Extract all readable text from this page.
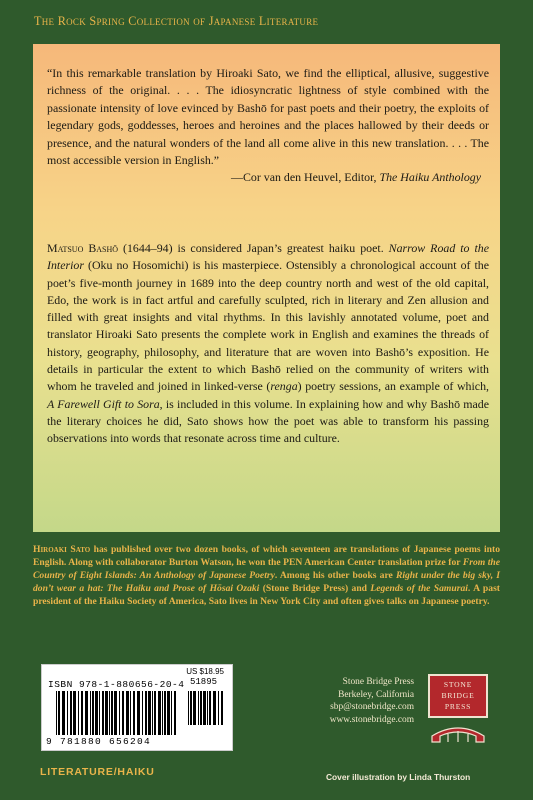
The Rock Spring Collection of Japanese Literature
“In this remarkable translation by Hiroaki Sato, we find the elliptical, allusive, suggestive richness of the original. . . . The idiosyncratic lightness of style combined with the passionate intensity of love evinced by Bashō for past poets and their poetry, the exploits of legendary gods, goddesses, heroes and heroines and the places hallowed by their deeds or presence, and the natural wonders of the land all come alive in this new translation. . . . The most accessible version in English.”
—Cor van den Heuvel, Editor, The Haiku Anthology
Matsuo Bashō (1644–94) is considered Japan’s greatest haiku poet. Narrow Road to the Interior (Oku no Hosomichi) is his masterpiece. Ostensibly a chronological account of the poet’s five-month journey in 1689 into the deep country north and west of the old capital, Edo, the work is in fact artful and carefully sculpted, rich in literary and Zen allusion and filled with great insights and vital rhythms. In this lavishly annotated volume, poet and translator Hiroaki Sato presents the complete work in English and examines the threads of history, geography, philosophy, and literature that are woven into Bashō’s exposition. He details in particular the extent to which Bashō relied on the community of writers with whom he traveled and joined in linked-verse (renga) poetry sessions, an example of which, A Farewell Gift to Sora, is included in this volume. In explaining how and why Bashō made the literary choices he did, Sato shows how the poet was able to transform his passing observations into words that resonate across time and culture.
Hiroaki Sato has published over two dozen books, of which seventeen are translations of Japanese poems into English. Along with collaborator Burton Watson, he won the PEN American Center translation prize for From the Country of Eight Islands: An Anthology of Japanese Poetry. Among his other books are Right under the big sky, I don’t wear a hat: The Haiku and Prose of Hōsai Ozaki (Stone Bridge Press) and Legends of the Samurai. A past president of the Haiku Society of America, Sato lives in New York City and often gives talks on Japanese poetry.
US $18.95
ISBN 978-1-880656-20-4 51895
9 781880 656204
Stone Bridge Press
Berkeley, California
sbp@stonebridge.com
www.stonebridge.com
STONE
BRIDGE
PRESS
LITERATURE/HAIKU	Cover illustration by Linda Thurston
